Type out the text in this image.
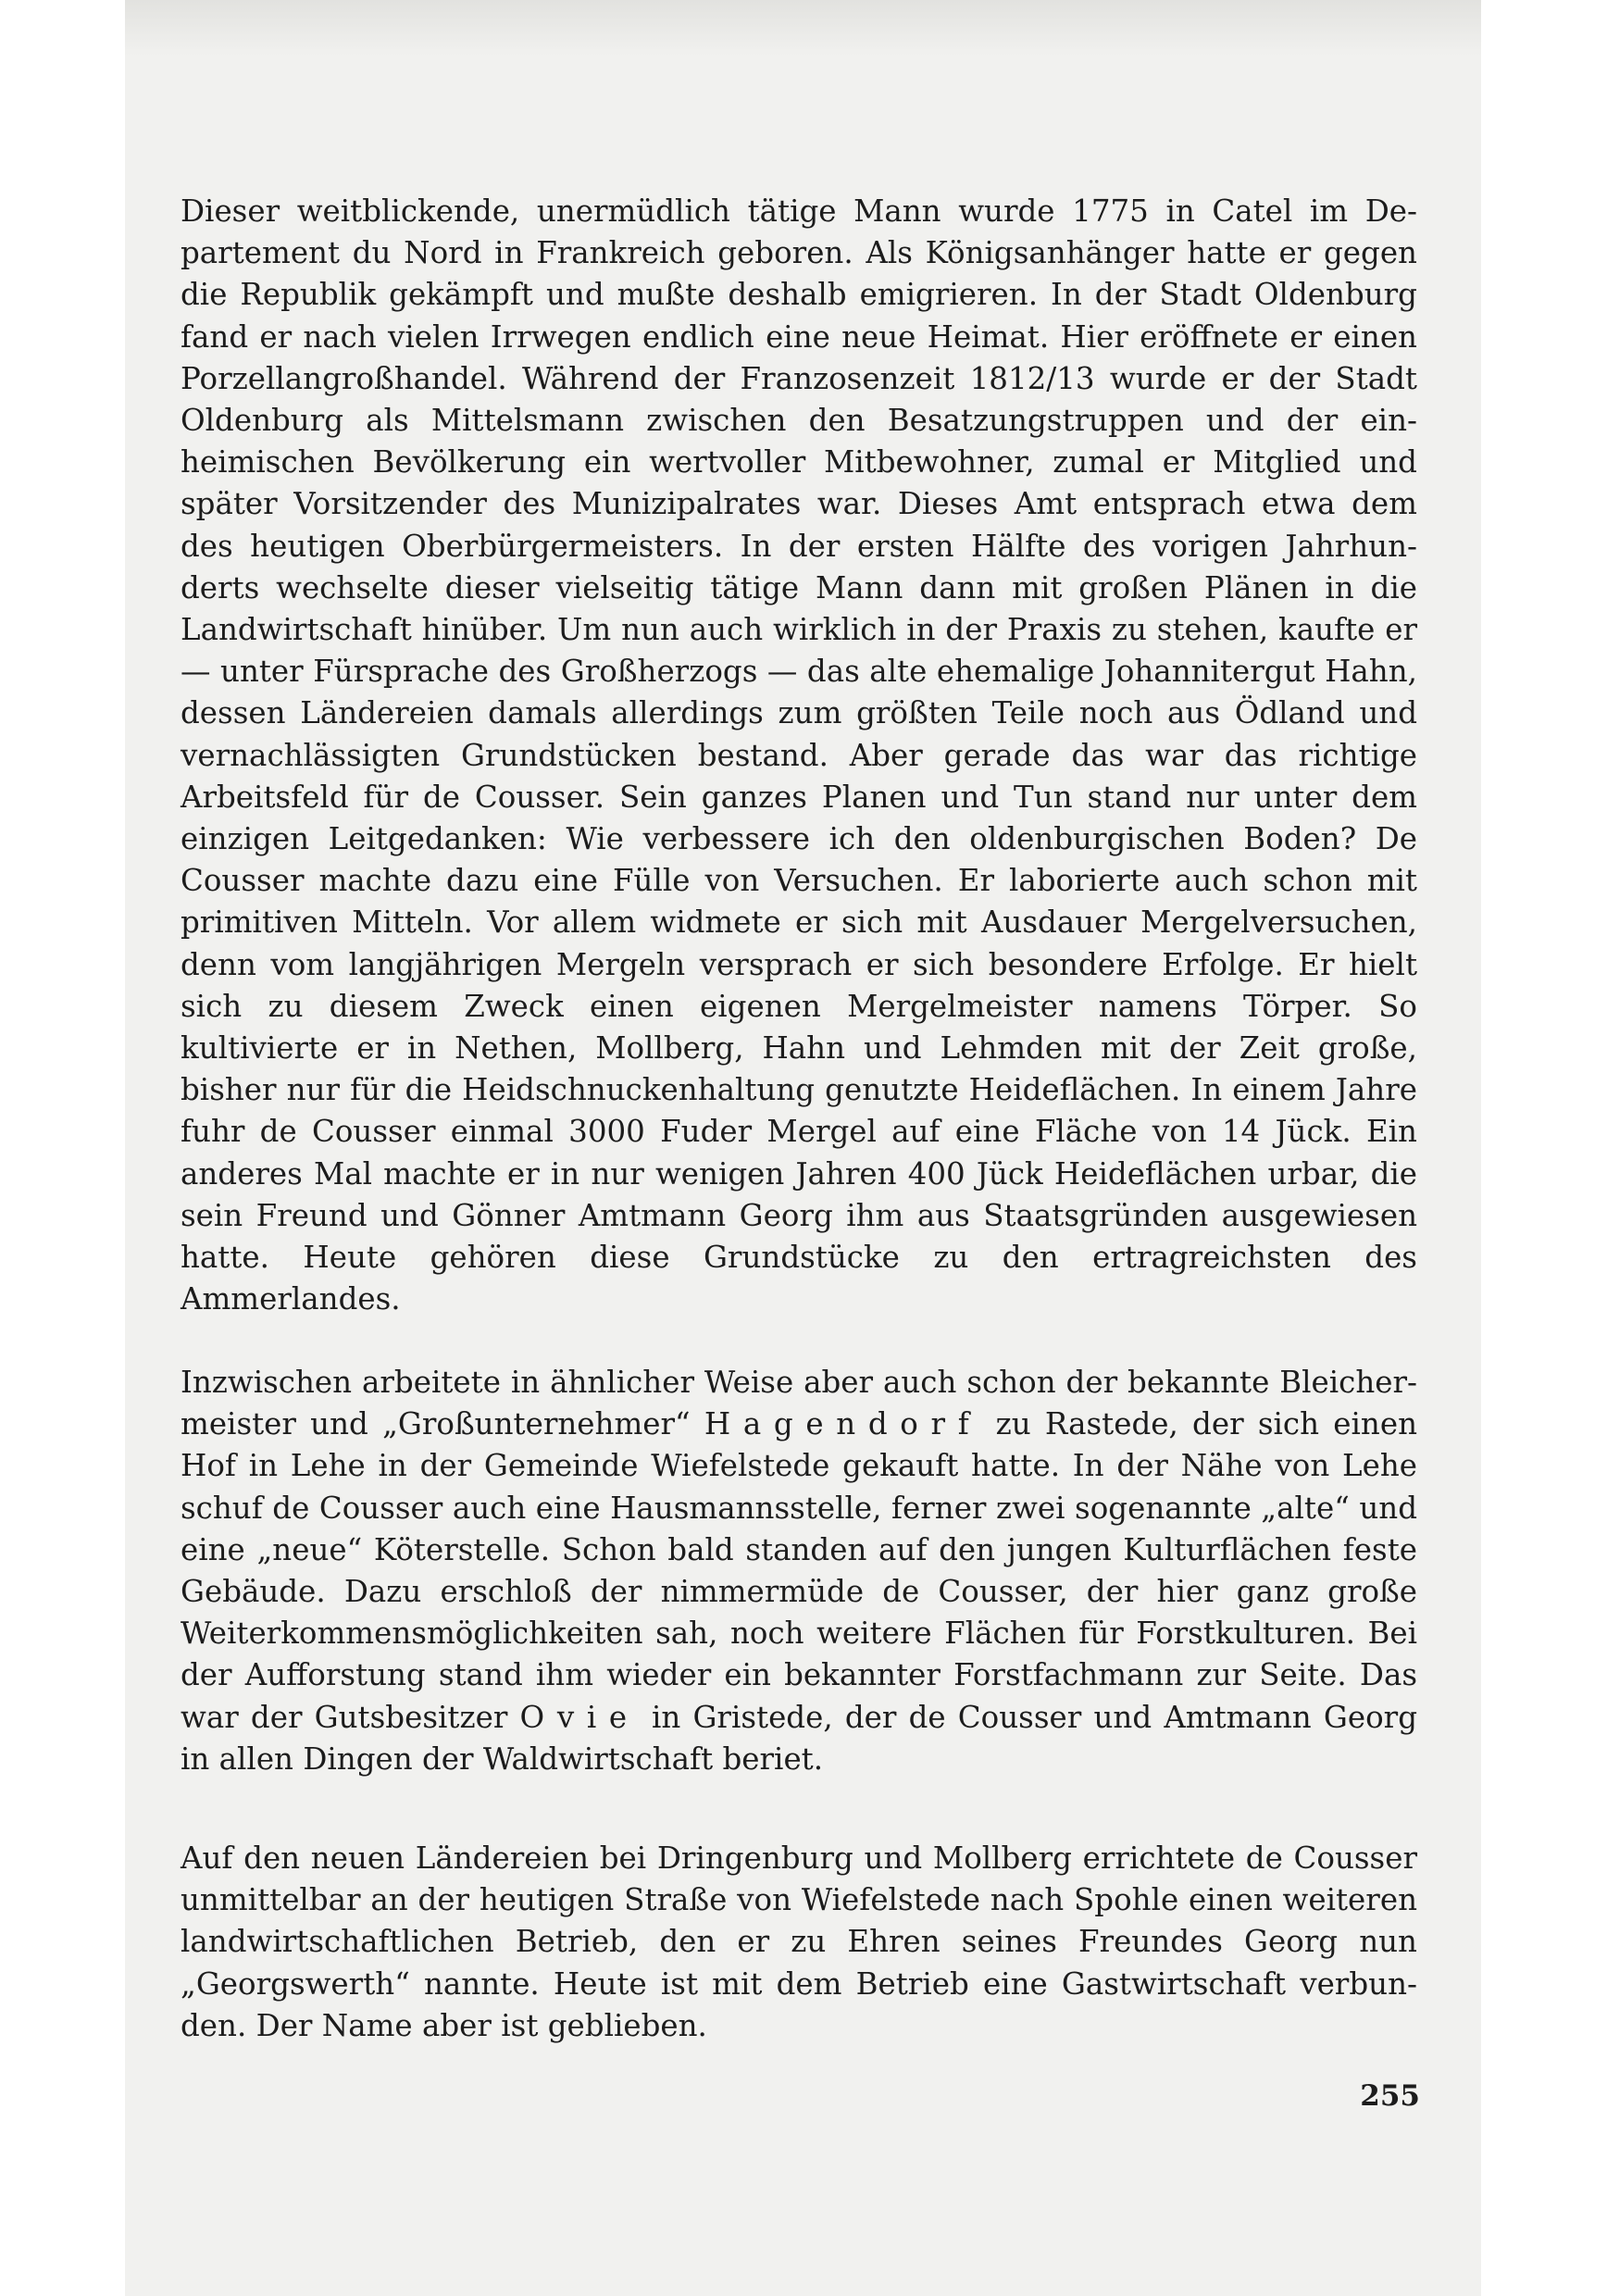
Dieser weitblickende, unermüdlich tätige Mann wurde 1775 in Catel im Departement du Nord in Frankreich geboren. Als Königsanhänger hatte er gegen die Republik gekämpft und mußte deshalb emigrieren. In der Stadt Oldenburg fand er nach vielen Irrwegen endlich eine neue Heimat. Hier eröffnete er einen Porzellangroßhandel. Während der Franzosenzeit 1812/13 wurde er der Stadt Oldenburg als Mittelsmann zwischen den Besatzungstruppen und der einheimischen Bevölkerung ein wertvoller Mitbewohner, zumal er Mitglied und später Vorsitzender des Munizipalrates war. Dieses Amt entsprach etwa dem des heutigen Oberbürgermeisters. In der ersten Hälfte des vorigen Jahrhunderts wechselte dieser vielseitig tätige Mann dann mit großen Plänen in die Landwirtschaft hinüber. Um nun auch wirklich in der Praxis zu stehen, kaufte er — unter Fürsprache des Großherzogs — das alte ehemalige Johannitergut Hahn, dessen Ländereien damals allerdings zum größten Teile noch aus Ödland und vernachlässigten Grundstücken bestand. Aber gerade das war das richtige Arbeitsfeld für de Cousser. Sein ganzes Planen und Tun stand nur unter dem einzigen Leitgedanken: Wie verbessere ich den oldenburgischen Boden? De Cousser machte dazu eine Fülle von Versuchen. Er laborierte auch schon mit primitiven Mitteln. Vor allem widmete er sich mit Ausdauer Mergelversuchen, denn vom langjährigen Mergeln versprach er sich besondere Erfolge. Er hielt sich zu diesem Zweck einen eigenen Mergelmeister namens Törper. So kultivierte er in Nethen, Mollberg, Hahn und Lehmden mit der Zeit große, bisher nur für die Heidschnuckenhaltung genutzte Heideflächen. In einem Jahre fuhr de Cousser einmal 3000 Fuder Mergel auf eine Fläche von 14 Jück. Ein anderes Mal machte er in nur wenigen Jahren 400 Jück Heideflächen urbar, die sein Freund und Gönner Amtmann Georg ihm aus Staatsgründen ausgewiesen hatte. Heute gehören diese Grundstücke zu den ertragreichsten des Ammerlandes.

Inzwischen arbeitete in ähnlicher Weise aber auch schon der bekannte Bleichermeister und „Großunternehmer“ Hagendorf zu Rastede, der sich einen Hof in Lehe in der Gemeinde Wiefelstede gekauft hatte. In der Nähe von Lehe schuf de Cousser auch eine Hausmannsstelle, ferner zwei sogenannte „alte“ und eine „neue“ Köterstelle. Schon bald standen auf den jungen Kulturflächen feste Gebäude. Dazu erschloß der nimmermüde de Cousser, der hier ganz große Weiterkommensmöglichkeiten sah, noch weitere Flächen für Forstkulturen. Bei der Aufforstung stand ihm wieder ein bekannter Forstfachmann zur Seite. Das war der Gutsbesitzer Ovie in Gristede, der de Cousser und Amtmann Georg in allen Dingen der Waldwirtschaft beriet.

Auf den neuen Ländereien bei Dringenburg und Mollberg errichtete de Cousser unmittelbar an der heutigen Straße von Wiefelstede nach Spohle einen weiteren landwirtschaftlichen Betrieb, den er zu Ehren seines Freundes Georg nun „Georgswerth“ nannte. Heute ist mit dem Betrieb eine Gastwirtschaft verbunden. Der Name aber ist geblieben.

255
